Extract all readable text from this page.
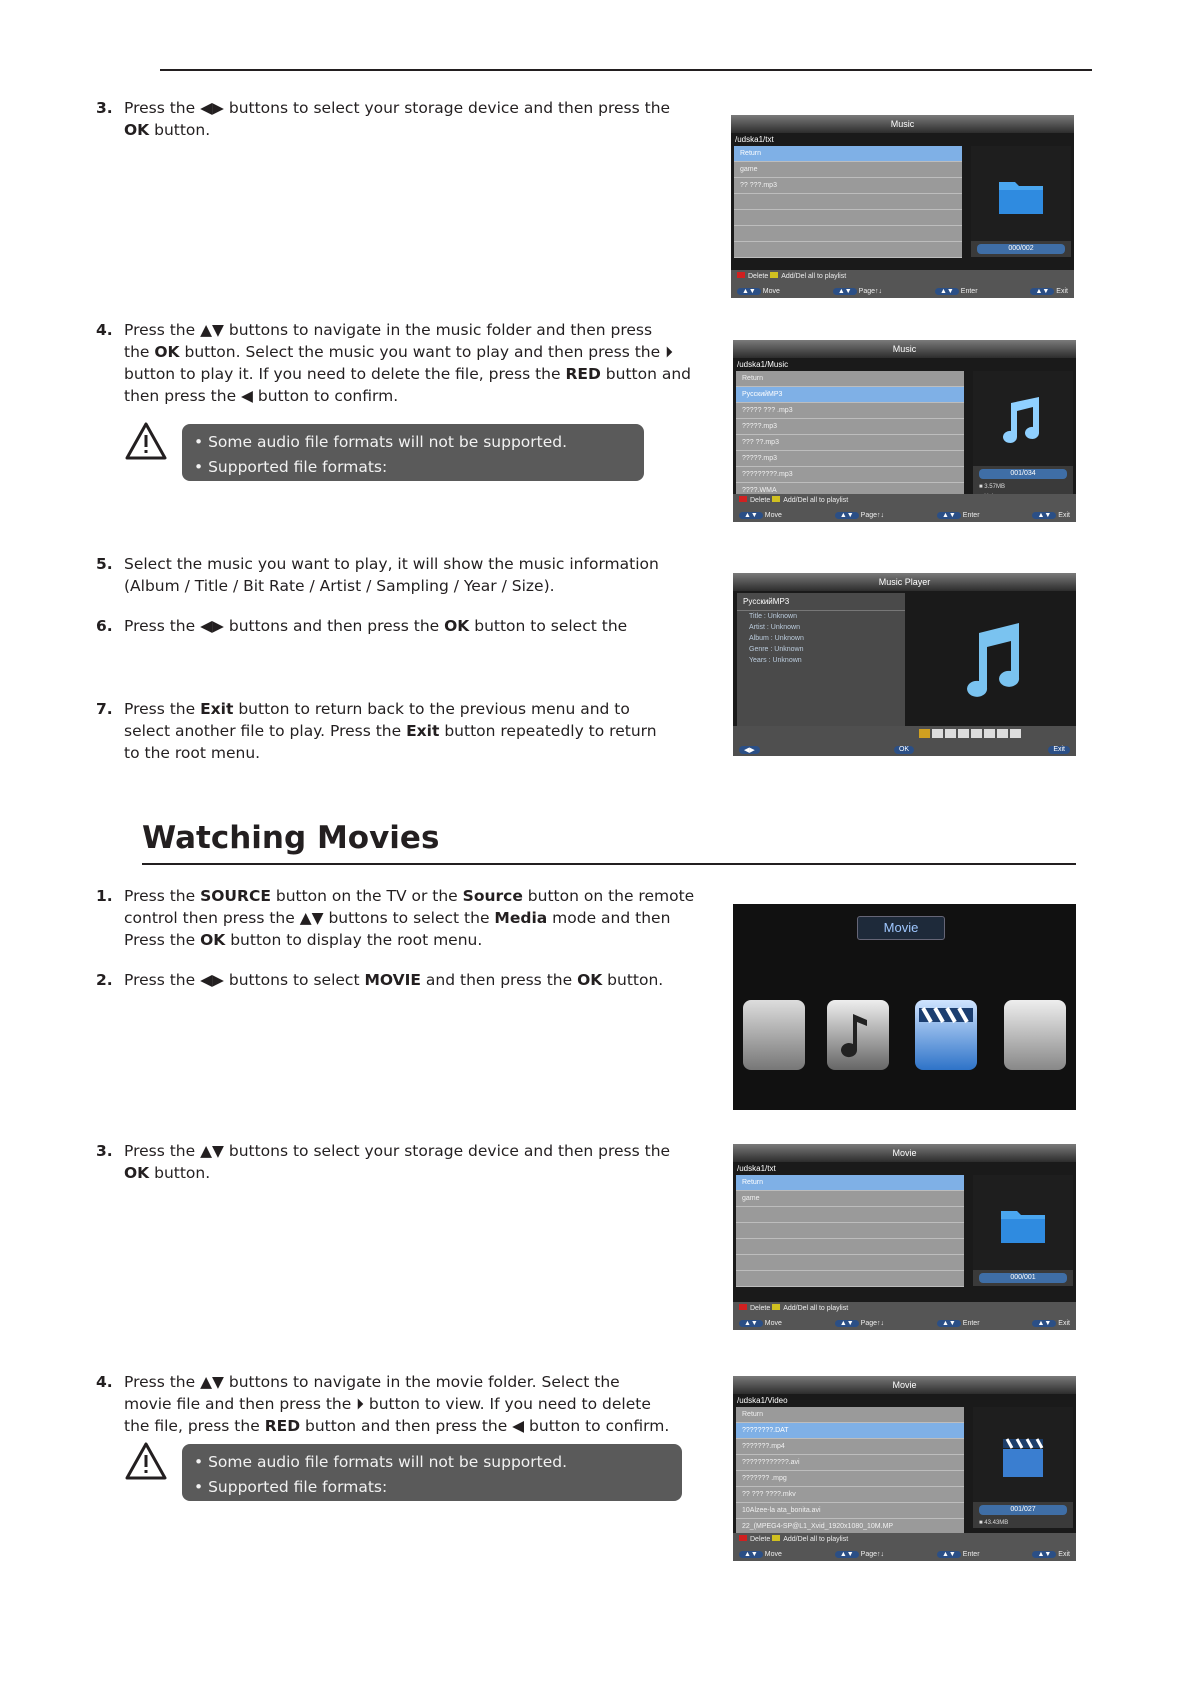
3. Press the ◀▶ buttons to select your storage device and then press the
OK button.
4. Press the ▲▼ buttons to navigate in the music folder and then press
the OK button. Select the music you want to play and then press the ⏵
button to play it. If you need to delete the file, press the RED button and
then press the ◀ button to confirm.
5. Select the music you want to play, it will show the music information
(Album / Title / Bit Rate / Artist / Sampling / Year / Size).
6. Press the ◀▶ buttons and then press the OK button to select the
7. Press the Exit button to return back to the previous menu and to
select another file to play. Press the Exit button repeatedly to return
to the root menu.
1. Press the SOURCE button on the TV or the Source button on the remote
control then press the ▲▼ buttons to select the Media mode and then
Press the OK button to display the root menu.
2. Press the ◀▶ buttons to select MOVIE and then press the OK button.
3. Press the ▲▼ buttons to select your storage device and then press the
OK button.
4. Press the ▲▼ buttons to navigate in the movie folder. Select the
movie file and then press the ⏵ button to view. If you need to delete
the file, press the RED button and then press the ◀ button to confirm.
• Some audio file formats will not be supported.
• Supported file formats:
Watching Movies
• Some audio file formats will not be supported.
• Supported file formats:
Music
/udska1/txt
Return
game
?? ???.mp3
000/002
Delete Add/Del all to playlist
▲▼ Move	▲▼ Page↑↓	▲▼ Enter	▲▼ Exit
Music
/udska1/Music
Return
PyccкийMP3
????? ??? .mp3
?????.mp3
??? ??.mp3
?????.mp3
?????????.mp3
????.WMA
001/034
■ 3.57MB
Delete Add/Del all to playlist
▲▼ Move	▲▼ Page↑↓	▲▼ Enter	▲▼ Exit
Music Player
PyccкийMP3
Title : Unknown
Artist : Unknown
Album : Unknown
Genre : Unknown
Years : Unknown
◀▶	OK	Exit
Movie
Movie
/udska1/txt
Return
game
000/001
Delete Add/Del all to playlist
▲▼ Move	▲▼ Page↑↓	▲▼ Enter	▲▼ Exit
Movie
/udska1/Video
Return
????????.DAT
???????.mp4
????????????.avi
??????? .mpg
?? ??? ????.mkv
10Alzee-la ata_bonita.avi
22_(MPEG4-SP@L1_Xvid_1920x1080_10M.MP
001/027
■ 43.43MB
Delete Add/Del all to playlist
▲▼ Move	▲▼ Page↑↓	▲▼ Enter	▲▼ Exit
